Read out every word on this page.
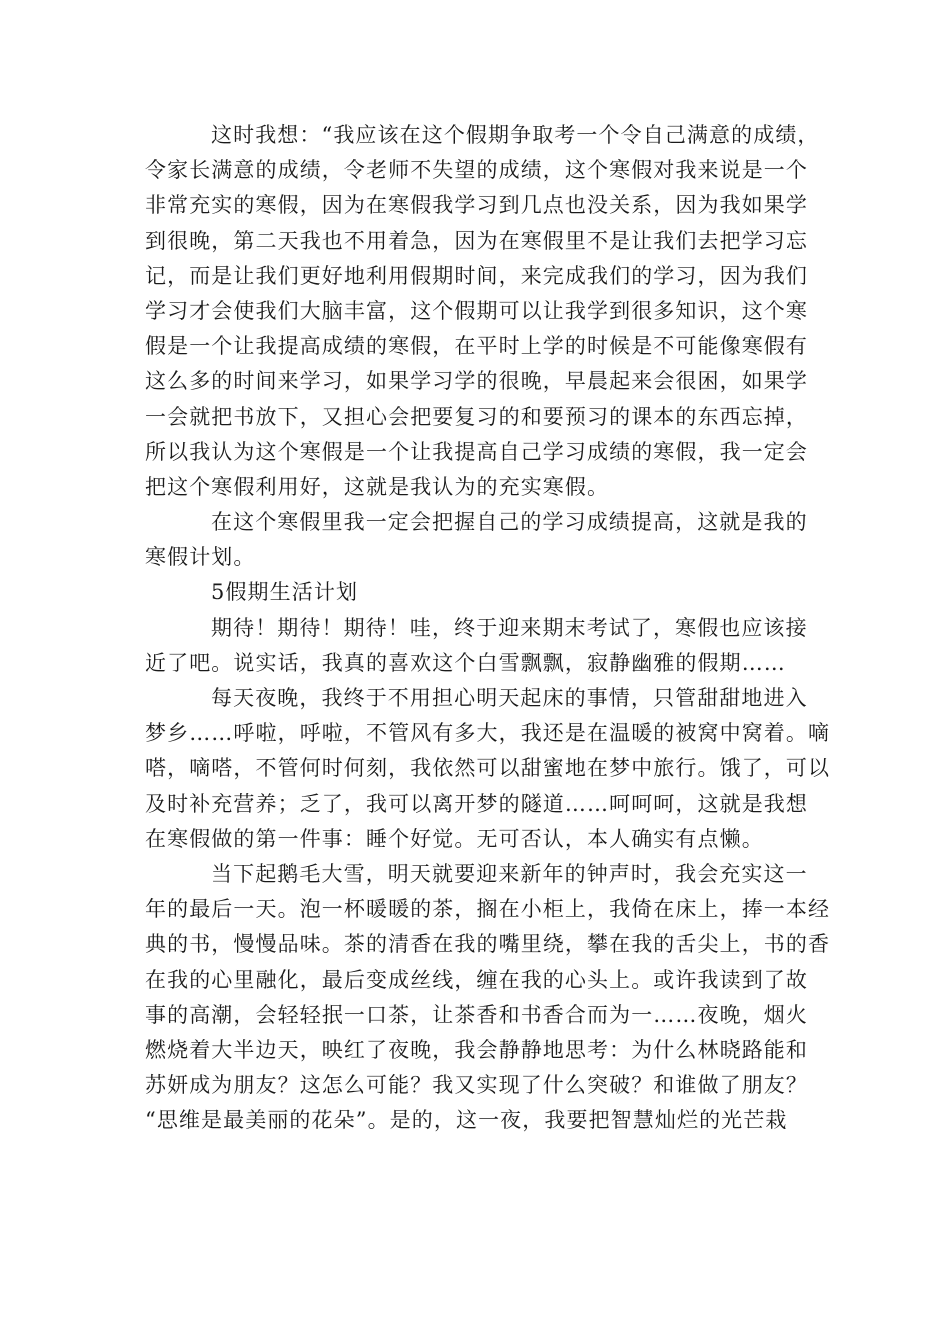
这时我想：“我应该在这个假期争取考一个令自己满意的成绩，
令家长满意的成绩，令老师不失望的成绩，这个寒假对我来说是一个
非常充实的寒假，因为在寒假我学习到几点也没关系，因为我如果学
到很晚，第二天我也不用着急，因为在寒假里不是让我们去把学习忘
记，而是让我们更好地利用假期时间，来完成我们的学习，因为我们
学习才会使我们大脑丰富，这个假期可以让我学到很多知识，这个寒
假是一个让我提高成绩的寒假，在平时上学的时候是不可能像寒假有
这么多的时间来学习，如果学习学的很晚，早晨起来会很困，如果学
一会就把书放下，又担心会把要复习的和要预习的课本的东西忘掉，
所以我认为这个寒假是一个让我提高自己学习成绩的寒假，我一定会
把这个寒假利用好，这就是我认为的充实寒假。
在这个寒假里我一定会把握自己的学习成绩提高，这就是我的
寒假计划。
5假期生活计划
期待！期待！期待！哇，终于迎来期末考试了，寒假也应该接
近了吧。说实话，我真的喜欢这个白雪飘飘，寂静幽雅的假期……
每天夜晚，我终于不用担心明天起床的事情，只管甜甜地进入
梦乡……呼啦，呼啦，不管风有多大，我还是在温暖的被窝中窝着。嘀
嗒，嘀嗒，不管何时何刻，我依然可以甜蜜地在梦中旅行。饿了，可以
及时补充营养；乏了，我可以离开梦的隧道……呵呵呵，这就是我想
在寒假做的第一件事：睡个好觉。无可否认，本人确实有点懒。
当下起鹅毛大雪，明天就要迎来新年的钟声时，我会充实这一
年的最后一天。泡一杯暖暖的茶，搁在小柜上，我倚在床上，捧一本经
典的书，慢慢品味。茶的清香在我的嘴里绕，攀在我的舌尖上，书的香
在我的心里融化，最后变成丝线，缠在我的心头上。或许我读到了故
事的高潮，会轻轻抿一口茶，让茶香和书香合而为一……夜晚，烟火
燃烧着大半边天，映红了夜晚，我会静静地思考：为什么林晓路能和
苏妍成为朋友？这怎么可能？我又实现了什么突破？和谁做了朋友？
“思维是最美丽的花朵”。是的，这一夜，我要把智慧灿烂的光芒栽
